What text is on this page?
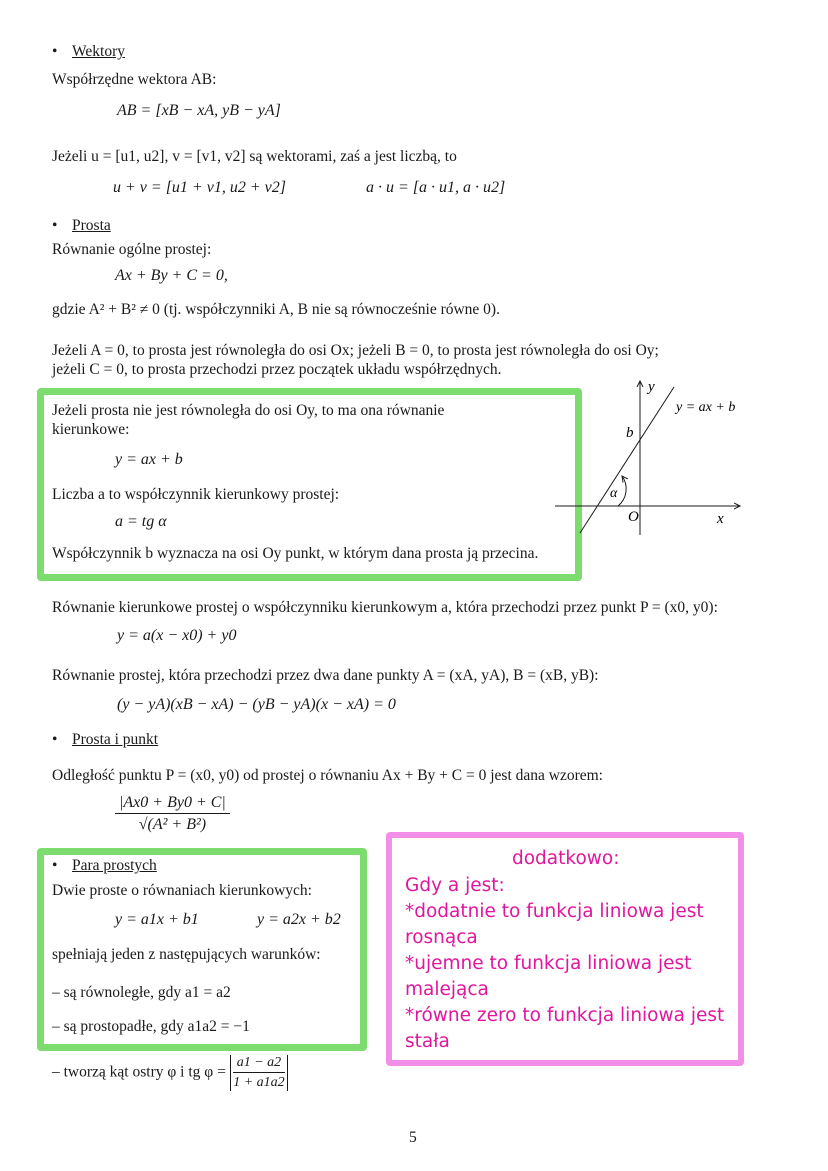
• Wektory
Współrzędne wektora AB:
AB = [xB − xA, yB − yA]
Jeżeli u = [u1, u2], v = [v1, v2] są wektorami, zaś a jest liczbą, to
u + v = [u1 + v1, u2 + v2]	a · u = [a · u1, a · u2]
• Prosta
Równanie ogólne prostej:
Ax + By + C = 0,
gdzie A² + B² ≠ 0 (tj. współczynniki A, B nie są równocześnie równe 0).
Jeżeli A = 0, to prosta jest równoległa do osi Ox; jeżeli B = 0, to prosta jest równoległa do osi Oy;
jeżeli C = 0, to prosta przechodzi przez początek układu współrzędnych.
Jeżeli prosta nie jest równoległa do osi Oy, to ma ona równanie
kierunkowe:
y = ax + b
Liczba a to współczynnik kierunkowy prostej:
a = tg α
Współczynnik b wyznacza na osi Oy punkt, w którym dana prosta ją przecina.
y
x
y = ax + b
b
α
O
Równanie kierunkowe prostej o współczynniku kierunkowym a, która przechodzi przez punkt P = (x0, y0):
y = a(x − x0) + y0
Równanie prostej, która przechodzi przez dwa dane punkty A = (xA, yA), B = (xB, yB):
(y − yA)(xB − xA) − (yB − yA)(x − xA) = 0
• Prosta i punkt
Odległość punktu P = (x0, y0) od prostej o równaniu Ax + By + C = 0 jest dana wzorem:
$\frac{|Ax0 + By0 + C|}{\text{√(A² + B²)}}$
• Para prostych
Dwie proste o równaniach kierunkowych:
y = a1x + b1	y = a2x + b2
spełniają jeden z następujących warunków:
– są równoległe, gdy a1 = a2
– są prostopadłe, gdy a1a2 = −1
– tworzą kąt ostry φ i tg $\varphi = \frac{a1 - a2}{1 + a1a2}$
dodatkowo:
Gdy a jest:
*dodatnie to funkcja liniowa jest
rosnąca
*ujemne to funkcja liniowa jest
malejąca
*równe zero to funkcja liniowa jest
stała
5
